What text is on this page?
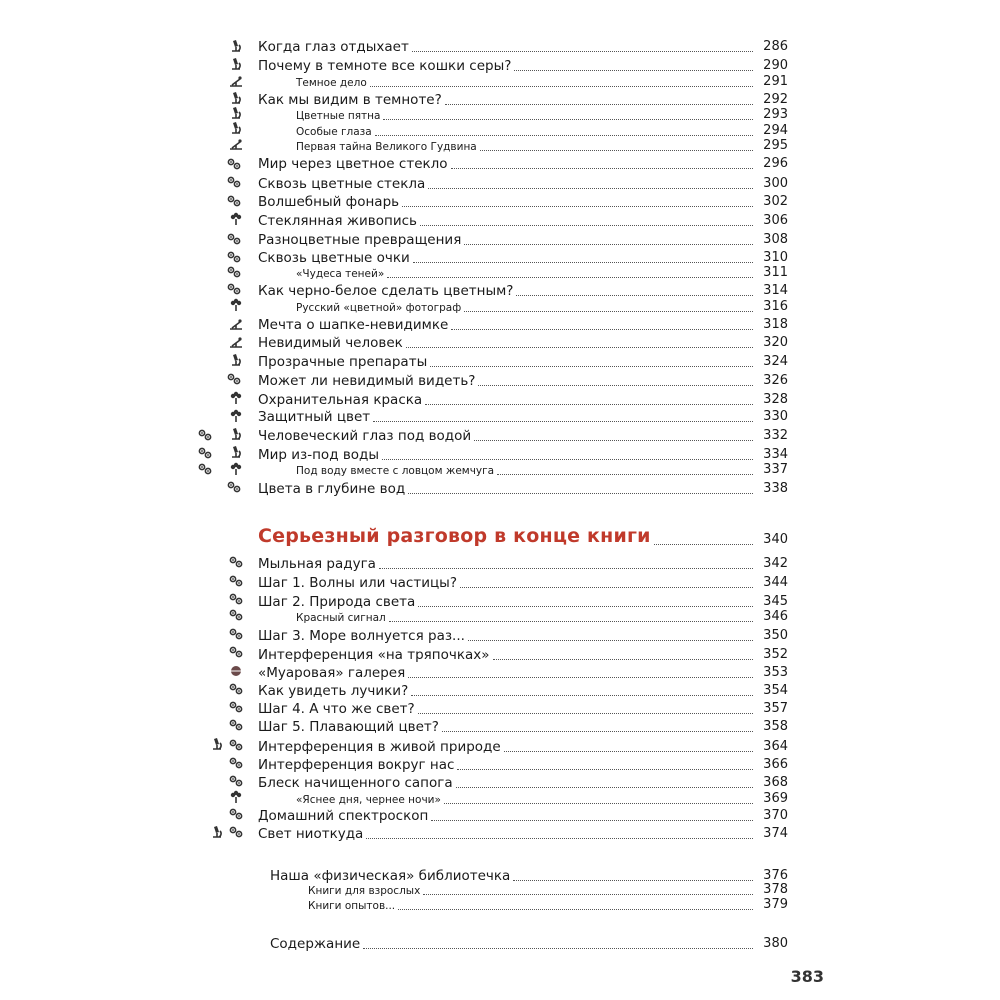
Когда глаз отдыхает	286
Почему в темноте все кошки серы?	290
Темное дело	291
Как мы видим в темноте?	292
Цветные пятна	293
Особые глаза	294
Первая тайна Великого Гудвина	295
Мир через цветное стекло	296
Сквозь цветные стекла	300
Волшебный фонарь	302
Стеклянная живопись	306
Разноцветные превращения	308
Сквозь цветные очки	310
«Чудеса теней»	311
Как черно-белое сделать цветным?	314
Русский «цветной» фотограф	316
Мечта о шапке-невидимке	318
Невидимый человек	320
Прозрачные препараты	324
Может ли невидимый видеть?	326
Охранительная краска	328
Защитный цвет	330
Человеческий глаз под водой	332
Мир из-под воды	334
Под воду вместе с ловцом жемчуга	337
Цвета в глубине вод	338
Серьезный разговор в конце книги	340
Мыльная радуга	342
Шаг 1. Волны или частицы?	344
Шаг 2. Природа света	345
Красный сигнал	346
Шаг 3. Море волнуется раз...	350
Интерференция «на тряпочках»	352
«Муаровая» галерея	353
Как увидеть лучики?	354
Шаг 4. А что же свет?	357
Шаг 5. Плавающий цвет?	358
Интерференция в живой природе	364
Интерференция вокруг нас	366
Блеск начищенного сапога	368
«Яснее дня, чернее ночи»	369
Домашний спектроскоп	370
Свет ниоткуда	374
Наша «физическая» библиотечка	376
Книги для взрослых	378
Книги опытов...	379
Содержание	380
383
